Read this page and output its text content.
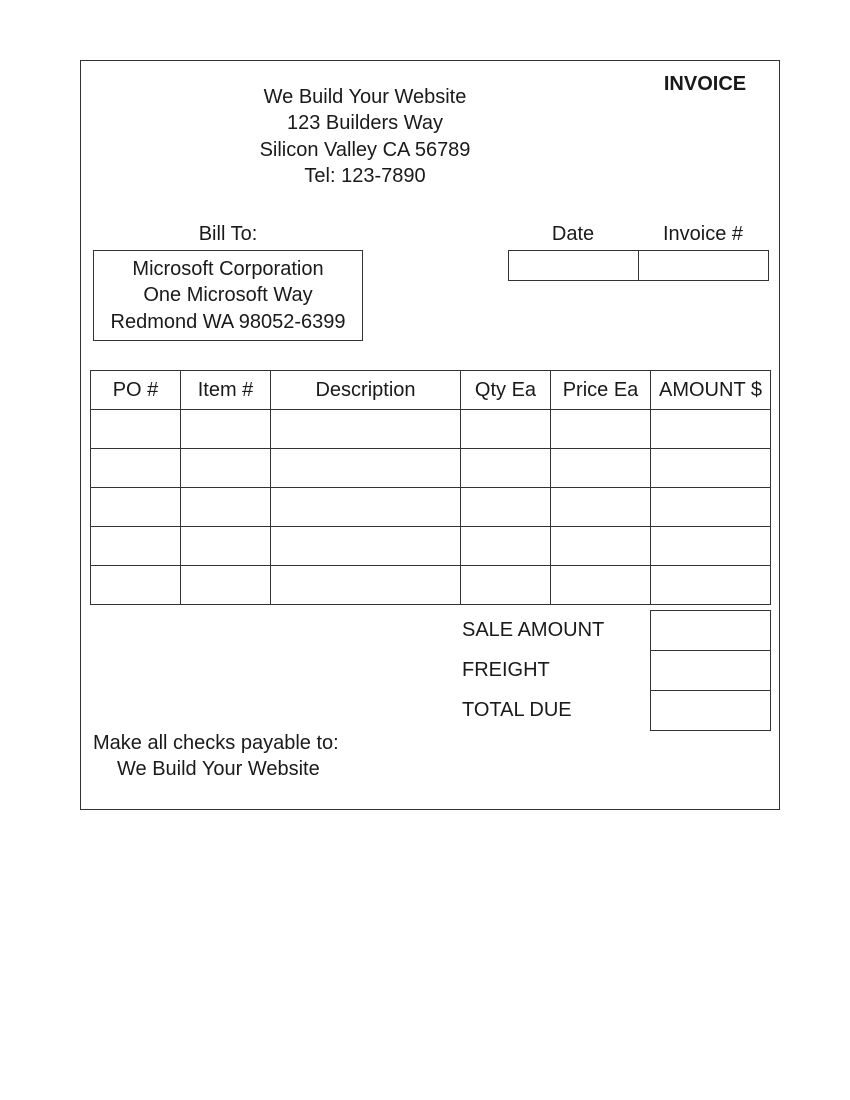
We Build Your Website
123 Builders Way
Silicon Valley CA 56789
Tel: 123-7890
INVOICE
Bill To:
Microsoft Corporation
One Microsoft Way
Redmond WA 98052-6399
Date	Invoice #
PO #	Item #	Description	Qty Ea	Price Ea	AMOUNT $

SALE AMOUNT
FREIGHT
TOTAL DUE
Make all checks payable to:
We Build Your Website
